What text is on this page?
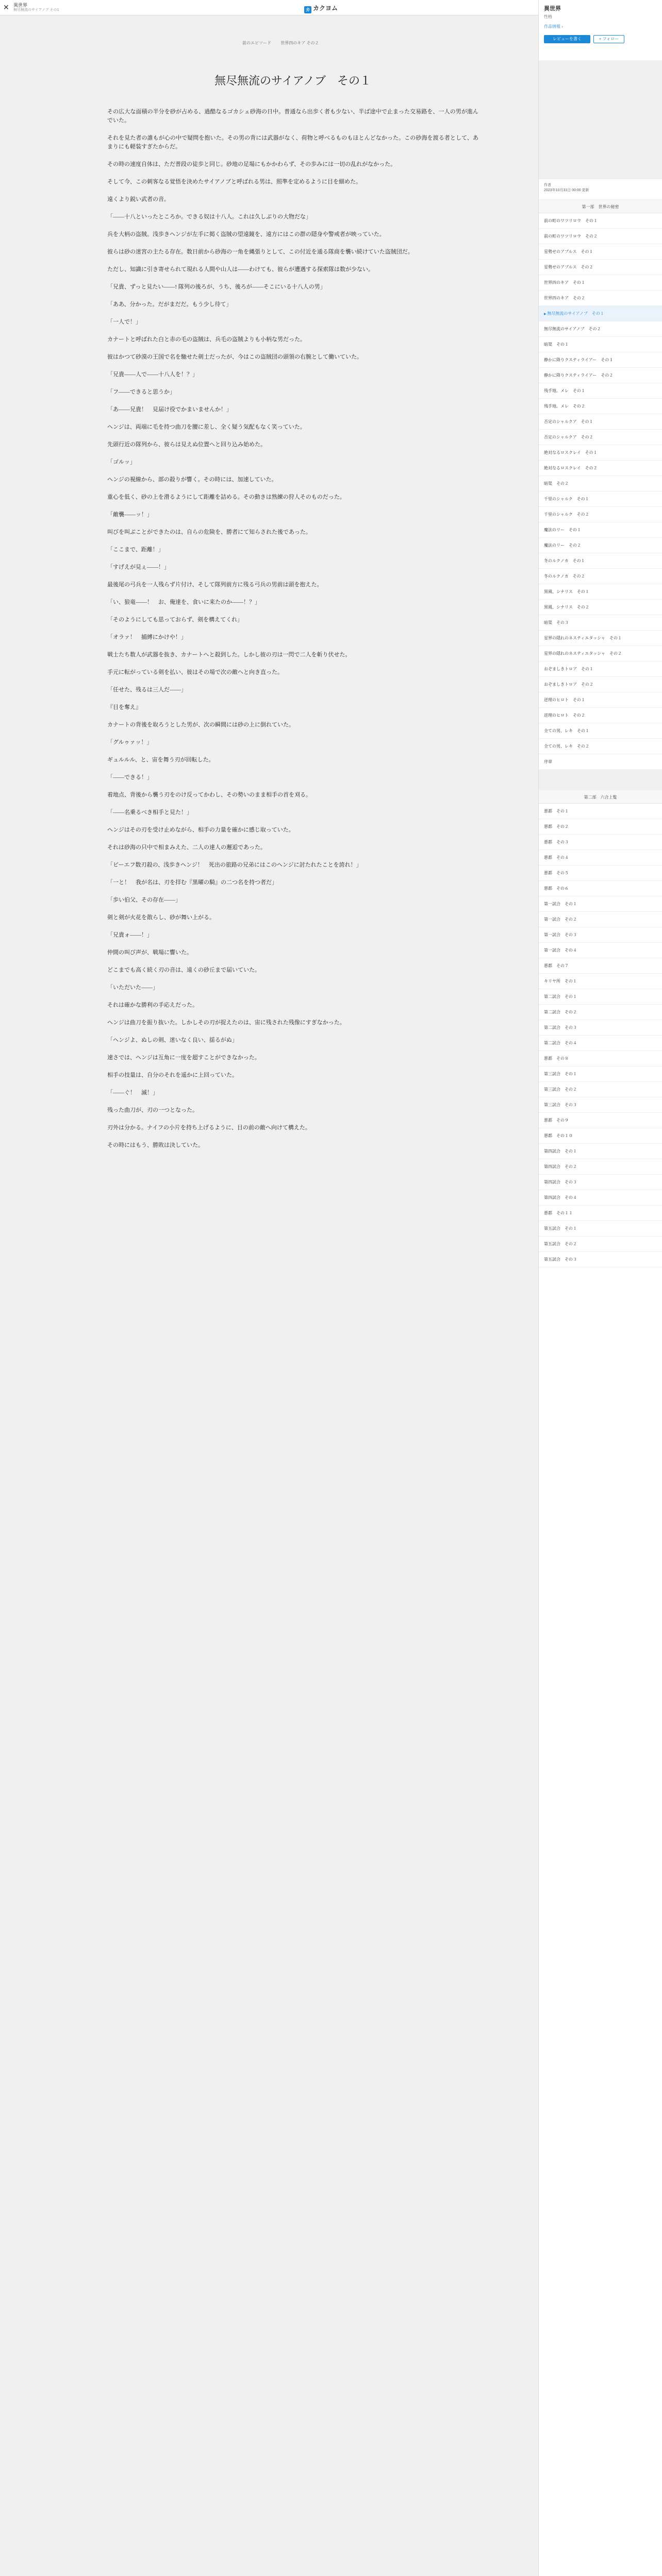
✕ 異世界
無尽無流のサイアノブ その1	カ カクヨム
前のエピソード 世界四のキア その２
無尽無流のサイアノブ　その１

その広大な面積の半分を砂が占める、過酷なるゴカシェ砂海の日中。普通なら出歩く者も少ない、半ば途中で止まった交易路を、一人の男が進んでいた。

それを見た者の誰もが心の中で疑問を抱いた。その男の背には武器がなく、荷物と呼べるものもほとんどなかった。この砂海を渡る者として、あまりにも軽装すぎたからだ。

その時の速度自体は、ただ普段の徒歩と同じ。砂地の足場にもかかわらず、その歩みには一切の乱れがなかった。

そして今、この刺客なる覚悟を決めたサイアノブと呼ばれる男は、照準を定めるように目を細めた。

遠くより鋭い武者の音。

「――十八といったところか。できる奴は十八人。これは久しぶりの大物だな」

兵を大柄の盗賊。浅歩きヘンジが左手に掲く盗賊の望遠鏡を、遠方にはこの群の隠身や警戒者が映っていた。

彼らは砂の迷宮の主たる存在。数日前から砂海の一角を縄張りとして、この付近を通る隊商を襲い続けていた盗賊団だ。

ただし、知識に引き寄せられて現れる人間や山人は――わけても、彼らが遭遇する探索隊は数が少ない。

「兄貴、ずっと見たい――! 隊列の後ろが、うち、後ろが――そこにいる十八人の男」

「ああ、分かった。だがまだだ。もう少し待て」

「一人で！」

カナートと呼ばれた白と赤の毛の盗賊は、兵毛の盗賊よりも小柄な男だった。

彼はかつて砂漠の王国で名を馳せた剣士だったが、今はこの盗賊団の頭領の右腕として働いていた。

「兄貴――人で――十八人を！？」

「フ――できると思うか」

「あ――兄貴！　見届け役でかまいませんか！」

ヘンジは、両端に毛を持つ曲刀を腰に差し、全く疑う気配もなく笑っていた。

先頭行近の隊列から、彼らは見えぬ位置へと回り込み始めた。

「ゴルッ」

ヘンジの視線から、部の殺りが響く。その時には、加速していた。

重心を低く、砂の上を滑るようにして距離を詰める。その動きは熟練の狩人そのものだった。

「敵襲――ッ！」

叫びを叫ぶことができたのは、自らの危険を、勝者にて知らされた後であった。

「ここまで、距離！」

「すげえが見ぇ――！」

最後尾の弓兵を一人残らず片付け、そして隊列前方に残る弓兵の男前は頭を抱えた。

「い、狼竜――！　お、俺達を、食いに来たのか――！？」

「そのようにしても思っておらず、剣を構えてくれ」

「オラァ！　捕縛にかけや！」

戦士たち数人が武器を抜き、カナートへと殺到した。しかし彼の刃は一閃で二人を斬り伏せた。

手元に転がっている剣を払い、彼はその場で次の敵へと向き直った。

「任せた、残るは三人だ――」

『目を奪え』

カナートの背後を取ろうとした男が、次の瞬間には砂の上に倒れていた。

「グルゥァッ！」

ギュルルル、と、宙を舞う刃が回転した。

「――できる！」

着地点、背後から襲う刃をのけ反ってかわし、その勢いのまま相手の首を刈る。

「――名乗るべき相手と見た！」

ヘンジはその刃を受け止めながら、相手の力量を確かに感じ取っていた。

それは砂海の只中で相まみえた、二人の達人の邂逅であった。

「ビーエフ数刃殺の、浅歩きヘンジ！　死出の旅路の兄弟にはこのヘンジに討たれたことを誇れ！」

「一と！　我が名は、刃を拝む『黒曜の騎』の二つ名を持つ者だ」

「歩い伯父、その存在――」

剣と剣が火花を散らし、砂が舞い上がる。

「兄貴ォ――！」

仲間の叫び声が、戦場に響いた。

どこまでも高く続く刃の音は、遠くの砂丘まで届いていた。

「いただいた――」

それは確かな勝利の手応えだった。

ヘンジは曲刀を振り抜いた。しかしその刃が捉えたのは、宙に残された残像にすぎなかった。

「ヘンジよ、ぬしの剣、迷いなく良い、揺るがぬ」

速さでは、ヘンジは互角に一度を超すことができなかった。

相手の技量は、自分のそれを遥かに上回っていた。

「――ぐ！　滅！」

残った曲刀が、刃の一つとなった。

刃外は分かる。ナイフの小片を持ち上げるように、目の前の敵へ向けて構えた。

その時にはもう、勝敗は決していた。

異世界
性格
作品情報 ›
レビューを書く	+ フォロー
作者
2023年10月31日 00:00 更新
第一部　世界の秘密
前の町のワツリロウ　その１
前の町のワツリロウ　その２
星勢せのアブルス　その１
星勢せのアブルス　その２
世界四のキア　その１
世界四のキア　その２
▶ 無尽無流のサイアノブ　その１
無尽無流のサイアノブ　その２
暗渠　その１
静かに降りクスティライアー　その１
静かに降りクスティライアー　その２
残手地。メレ　その１
残手地。メレ　その２
否定のシャルクア　その１
否定のシャルクア　その２
絶対なるロスクレイ　その１
絶対なるロスクレイ　その２
暗渠　その２
千里のシャルク　その１
千里のシャルク　その２
魔法のリー　その１
魔法のリー　その２
冬のルクノカ　その１
冬のルクノカ　その２
黒風、シナリス　その１
黒風、シナリス　その２
暗渠　その３
星界の隠れのネスティエタッシャ　その１
星界の隠れのネスティエタッシャ　その２
おぞましきトロア　その１
おぞましきトロア　その２
逆理のヒロト　その１
逆理のヒロト　その２
全ての男、レキ　その１
全ての男、レキ　その２
序章
第二部　六合上覧
悪都　その１
悪都　その２
悪都　その３
悪都　その４
悪都　その５
悪都　その６
第一試合　その１
第一試合　その２
第一試合　その３
第一試合　その４
悪都　その７
キリヤ所　その１
第二試合　その１
第二試合　その２
第二試合　その３
第二試合　その４
悪都　その８
第三試合　その１
第三試合　その２
第三試合　その３
悪都　その９
悪都　その１０
第四試合　その１
第四試合　その２
第四試合　その３
第四試合　その４
悪都　その１１
第五試合　その１
第五試合　その２
第五試合　その３
